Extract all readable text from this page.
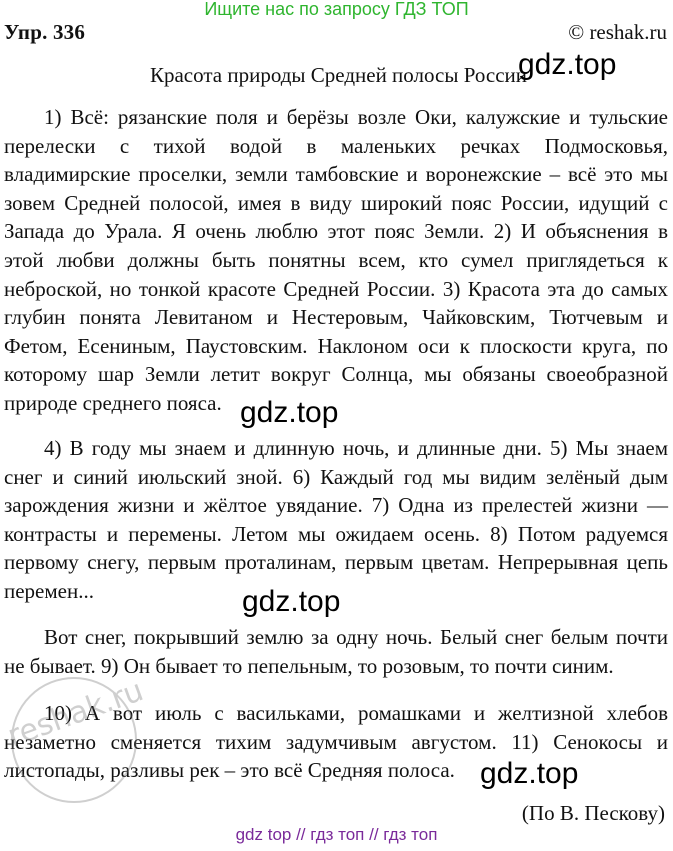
Ищите нас по запросу ГДЗ ТОП
Упр. 336	© reshak.ru
Красота природы Средней полосы России
reshak.ru
gdz.top
gdz.top
gdz.top
gdz.top
1) Всё: рязанские поля и берёзы возле Оки, калужские и тульские
перелески с тихой водой в маленьких речках Подмосковья,
владимирские проселки, земли тамбовские и воронежские – всё это мы
зовем Средней полосой, имея в виду широкий пояс России, идущий с
Запада до Урала. Я очень люблю этот пояс Земли. 2) И объяснения в
этой любви должны быть понятны всем, кто сумел приглядеться к
неброской, но тонкой красоте Средней России. 3) Красота эта до самых
глубин понята Левитаном и Нестеровым, Чайковским, Тютчевым и
Фетом, Есениным, Паустовским. Наклоном оси к плоскости круга, по
которому шар Земли летит вокруг Солнца, мы обязаны своеобразной
природе среднего пояса.
4) В году мы знаем и длинную ночь, и длинные дни. 5) Мы знаем
снег и синий июльский зной. 6) Каждый год мы видим зелёный дым
зарождения жизни и жёлтое увядание. 7) Одна из прелестей жизни —
контрасты и перемены. Летом мы ожидаем осень. 8) Потом радуемся
первому снегу, первым проталинам, первым цветам. Непрерывная цепь
перемен...
Вот снег, покрывший землю за одну ночь. Белый снег белым почти
не бывает. 9) Он бывает то пепельным, то розовым, то почти синим.
10) А вот июль с васильками, ромашками и желтизной хлебов
незаметно сменяется тихим задумчивым августом. 11) Сенокосы и
листопады, разливы рек – это всё Средняя полоса.
(По В. Пескову)
gdz top // гдз топ // гдз топ
